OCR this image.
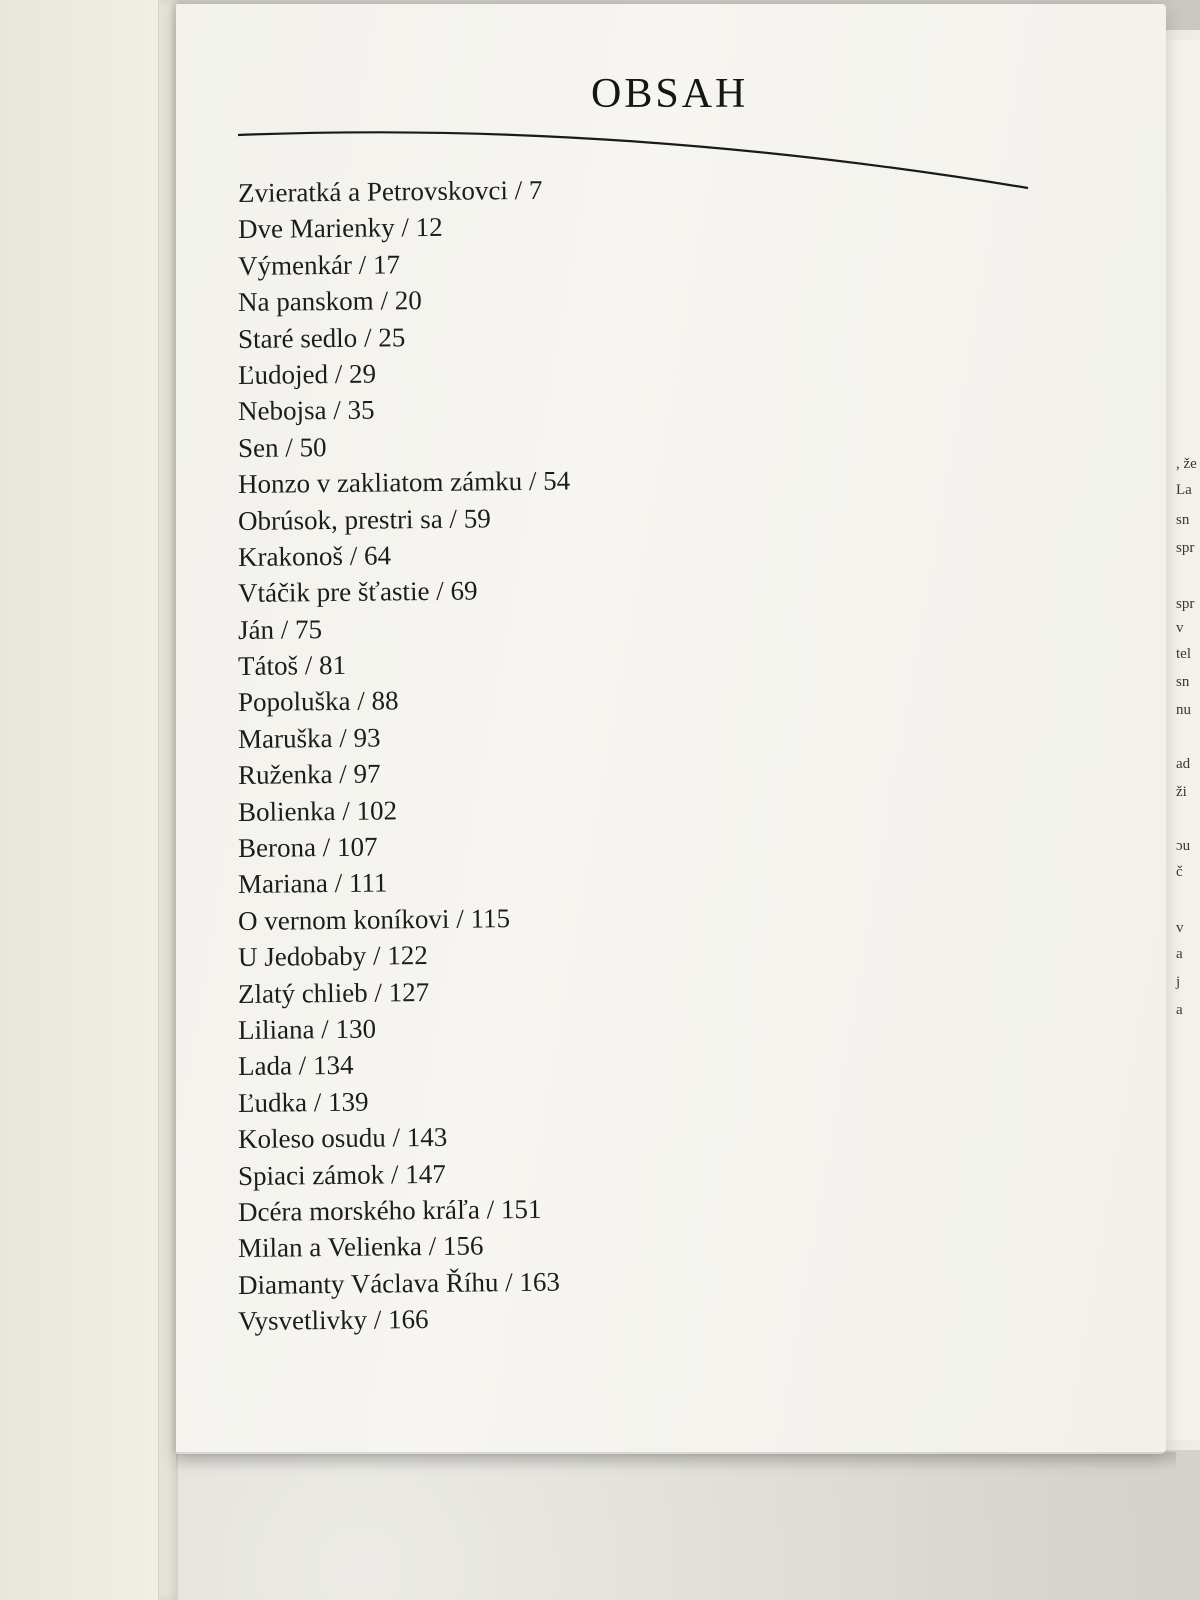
, že
La
sn
spr
spr
v
tel
sn
nu
ad
ži
ɔu
č
v
a
j
a
OBSAH
Zvieratká a Petrovskovci / 7
Dve Marienky / 12
Výmenkár / 17
Na panskom / 20
Staré sedlo / 25
Ľudojed / 29
Nebojsa / 35
Sen / 50
Honzo v zakliatom zámku / 54
Obrúsok, prestri sa / 59
Krakonoš / 64
Vtáčik pre šťastie / 69
Ján / 75
Tátoš / 81
Popoluška / 88
Maruška / 93
Ruženka / 97
Bolienka / 102
Berona / 107
Mariana / 111
O vernom koníkovi / 115
U Jedobaby / 122
Zlatý chlieb / 127
Liliana / 130
Lada / 134
Ľudka / 139
Koleso osudu / 143
Spiaci zámok / 147
Dcéra morského kráľa / 151
Milan a Velienka / 156
Diamanty Václava Říhu / 163
Vysvetlivky / 166
